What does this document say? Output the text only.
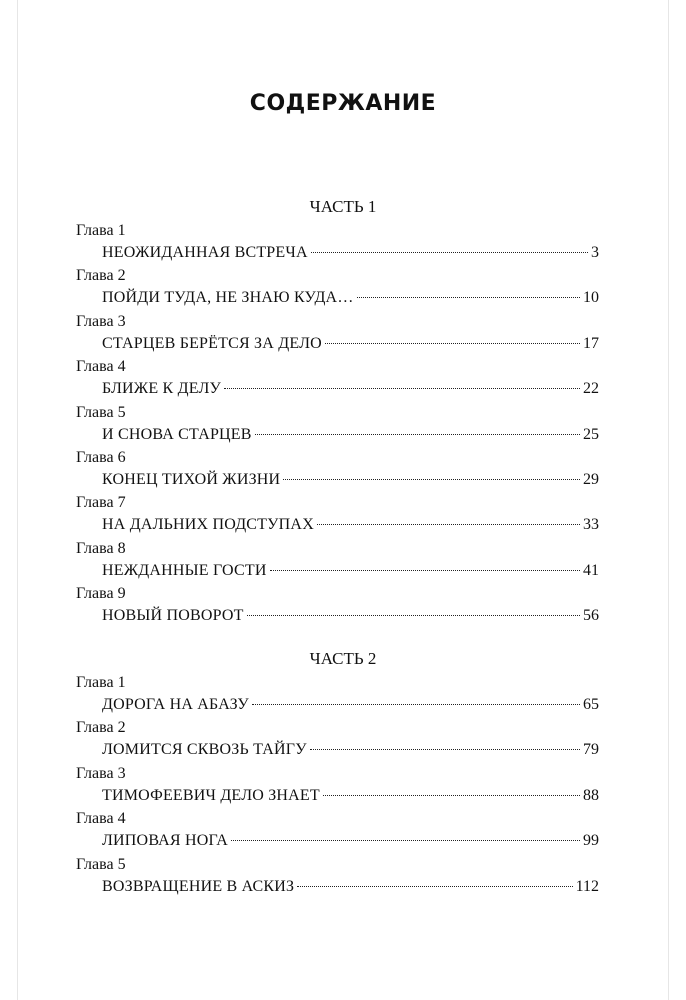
СОДЕРЖАНИЕ
ЧАСТЬ 1
Глава 1
НЕОЖИДАННАЯ ВСТРЕЧА	3
Глава 2
ПОЙДИ ТУДА, НЕ ЗНАЮ КУДА…	10
Глава 3
СТАРЦЕВ БЕРЁТСЯ ЗА ДЕЛО	17
Глава 4
БЛИЖЕ К ДЕЛУ	22
Глава 5
И СНОВА СТАРЦЕВ	25
Глава 6
КОНЕЦ ТИХОЙ ЖИЗНИ	29
Глава 7
НА ДАЛЬНИХ ПОДСТУПАХ	33
Глава 8
НЕЖДАННЫЕ ГОСТИ	41
Глава 9
НОВЫЙ ПОВОРОТ	56
ЧАСТЬ 2
Глава 1
ДОРОГА НА АБАЗУ	65
Глава 2
ЛОМИТСЯ СКВОЗЬ ТАЙГУ	79
Глава 3
ТИМОФЕЕВИЧ ДЕЛО ЗНАЕТ	88
Глава 4
ЛИПОВАЯ НОГА	99
Глава 5
ВОЗВРАЩЕНИЕ В АСКИЗ	112
